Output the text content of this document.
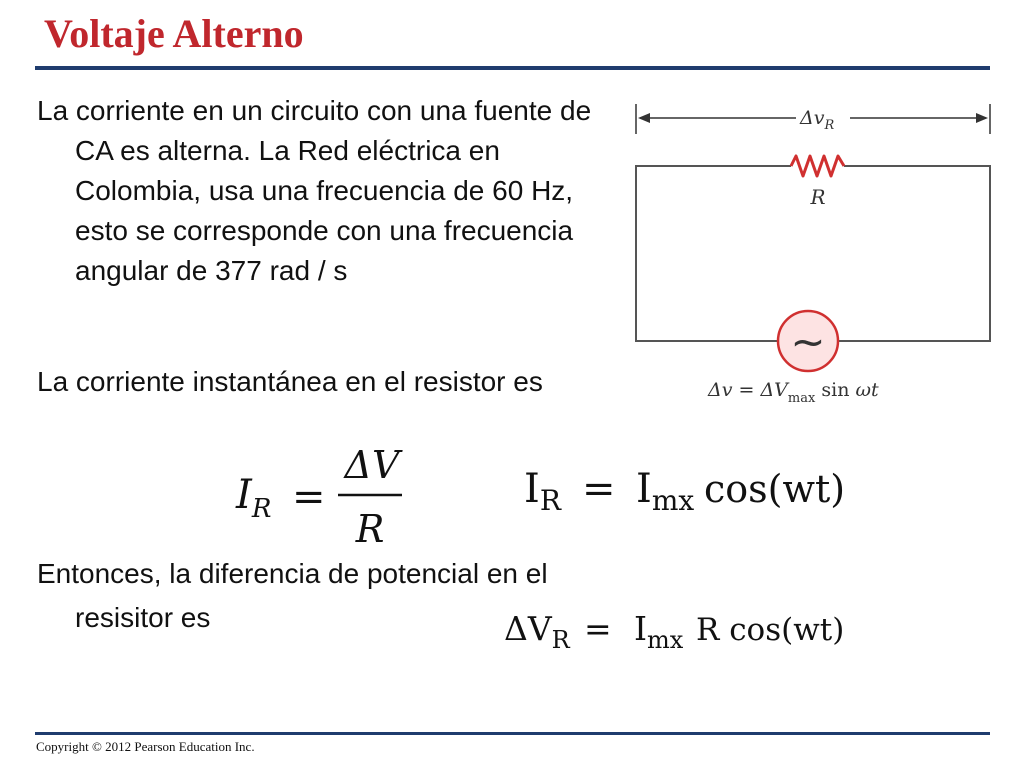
Voltaje Alterno

La corriente en un circuito con una fuente de CA es alterna. La Red eléctrica en Colombia, usa una frecuencia de 60 Hz, esto se corresponde con una frecuencia angular de 377 rad / s

La corriente instantánea en el resistor es

Entonces, la diferencia de potencial en el resisitor es

$\Delta v_R$
R
~
$\Delta v = \Delta V_{max}$ sin ωt
$I_R$ =
ΔV
R
$I_R = I_{mx}$ cos(wt)
$\Delta V_R = I_{mx}$ R cos(wt)
Copyright © 2012 Pearson Education Inc.
